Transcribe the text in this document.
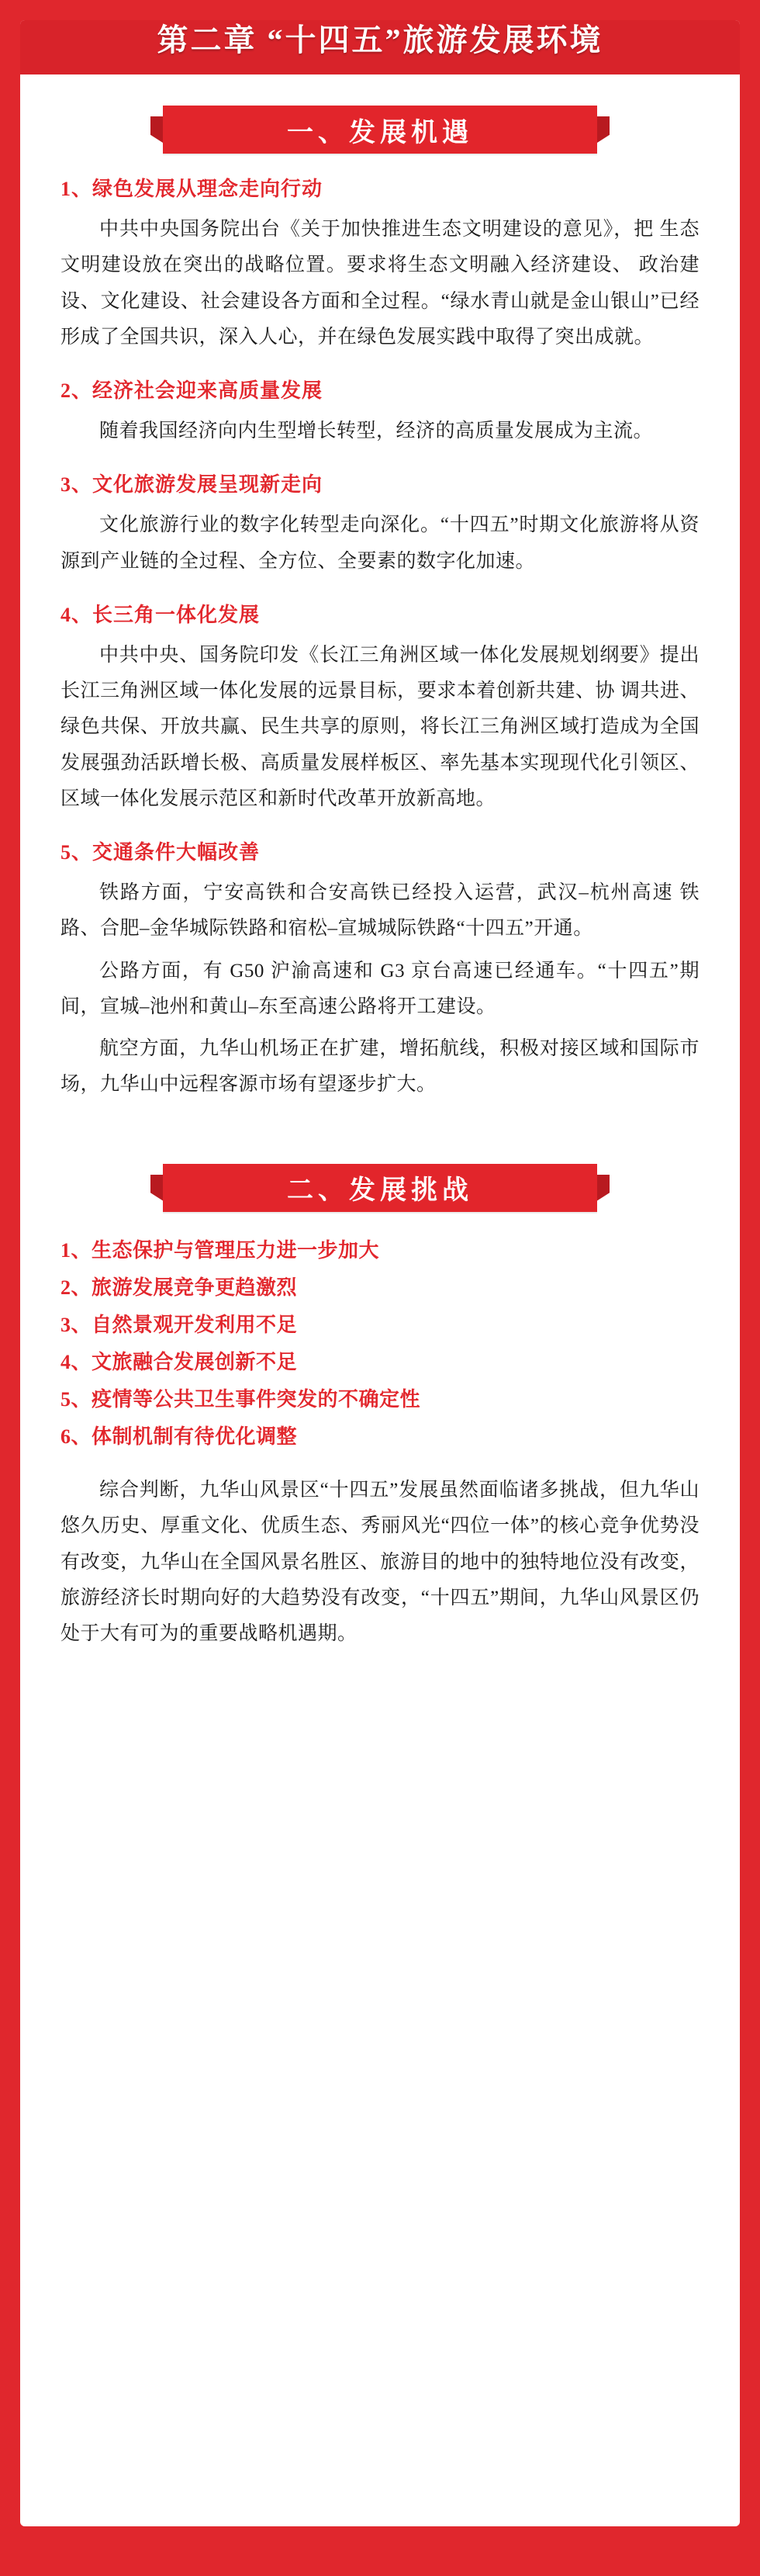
第二章 “十四五”旅游发展环境
一、发展机遇
1、绿色发展从理念走向行动

中共中央国务院出台《关于加快推进生态文明建设的意见》，把 生态文明建设放在突出的战略位置。要求将生态文明融入经济建设、 政治建设、文化建设、社会建设各方面和全过程。“绿水青山就是金山银山”已经形成了全国共识，深入人心，并在绿色发展实践中取得了突出成就。

2、经济社会迎来高质量发展

随着我国经济向内生型增长转型，经济的高质量发展成为主流。

3、文化旅游发展呈现新走向

文化旅游行业的数字化转型走向深化。“十四五”时期文化旅游将从资源到产业链的全过程、全方位、全要素的数字化加速。

4、长三角一体化发展

中共中央、国务院印发《长江三角洲区域一体化发展规划纲要》提出长江三角洲区域一体化发展的远景目标，要求本着创新共建、协 调共进、绿色共保、开放共赢、民生共享的原则，将长江三角洲区域打造成为全国发展强劲活跃增长极、高质量发展样板区、率先基本实现现代化引领区、区域一体化发展示范区和新时代改革开放新高地。

5、交通条件大幅改善

铁路方面，宁安高铁和合安高铁已经投入运营，武汉–杭州高速 铁路、合肥–金华城际铁路和宿松–宣城城际铁路“十四五”开通。

公路方面，有 G50 沪渝高速和 G3 京台高速已经通车。“十四五”期间，宣城–池州和黄山–东至高速公路将开工建设。

航空方面，九华山机场正在扩建，增拓航线，积极对接区域和国际市场，九华山中远程客源市场有望逐步扩大。

二、发展挑战
1、生态保护与管理压力进一步加大
2、旅游发展竞争更趋激烈
3、自然景观开发利用不足
4、文旅融合发展创新不足
5、疫情等公共卫生事件突发的不确定性
6、体制机制有待优化调整

综合判断，九华山风景区“十四五”发展虽然面临诸多挑战，但九华山悠久历史、厚重文化、优质生态、秀丽风光“四位一体”的核心竞争优势没有改变，九华山在全国风景名胜区、旅游目的地中的独特地位没有改变，旅游经济长时期向好的大趋势没有改变，“十四五”期间，九华山风景区仍处于大有可为的重要战略机遇期。
